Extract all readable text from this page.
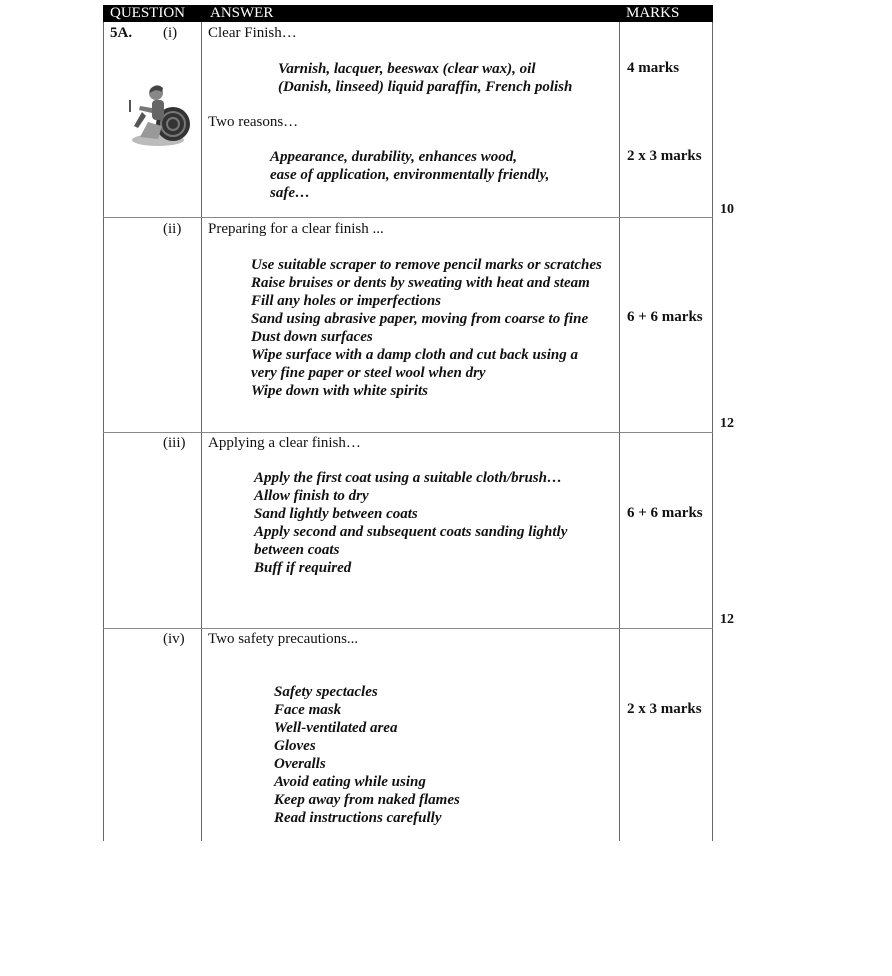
QUESTION ANSWER	MARKS
5A. (i) Clear Finish…
Varnish, lacquer, beeswax (clear wax), oil
(Danish, linseed) liquid paraffin, French polish
4 marks
Two reasons…
Appearance, durability, enhances wood,
ease of application, environmentally friendly,
safe…
2 x 3 marks
10
(ii) Preparing for a clear finish ...
Use suitable scraper to remove pencil marks or scratches
Raise bruises or dents by sweating with heat and steam
Fill any holes or imperfections
Sand using abrasive paper, moving from coarse to fine
Dust down surfaces
Wipe surface with a damp cloth and cut back using a
very fine paper or steel wool when dry
Wipe down with white spirits
6 + 6 marks
12
(iii) Applying a clear finish…
Apply the first coat using a suitable cloth/brush…
Allow finish to dry
Sand lightly between coats
Apply second and subsequent coats sanding lightly
between coats
Buff if required
6 + 6 marks
12
(iv) Two safety precautions...
Safety spectacles
Face mask
Well-ventilated area
Gloves
Overalls
Avoid eating while using
Keep away from naked flames
Read instructions carefully
2 x 3 marks
